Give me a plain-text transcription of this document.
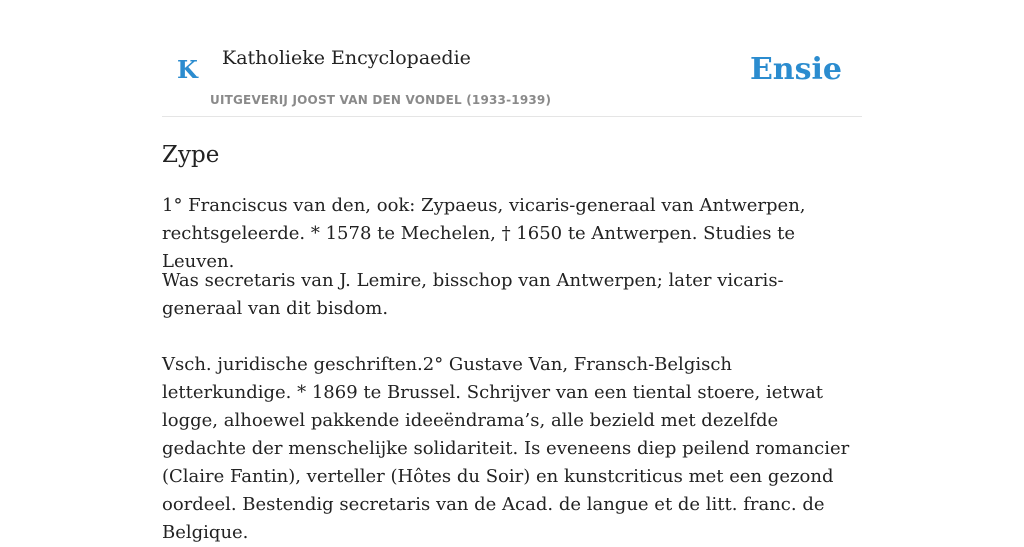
K Katholieke Encyclopaedie
UITGEVERIJ JOOST VAN DEN VONDEL (1933-1939)
Ensie
Zype

1° Franciscus van den, ook: Zypaeus, vicaris-generaal van Antwerpen, rechtsgeleerde. * 1578 te Mechelen, † 1650 te Antwerpen. Studies te Leuven.

Was secretaris van J. Lemire, bisschop van Antwerpen; later vicaris-generaal van dit bisdom.

Vsch. juridische geschriften.2° Gustave Van, Fransch-Belgisch letterkundige. * 1869 te Brussel. Schrijver van een tiental stoere, ietwat logge, alhoewel pakkende ideeëndrama’s, alle bezield met dezelfde gedachte der menschelijke solidariteit. Is eveneens diep peilend romancier (Claire Fantin), verteller (Hôtes du Soir) en kunstcriticus met een gezond oordeel. Bestendig secretaris van de Acad. de langue et de litt. franc. de Belgique.
